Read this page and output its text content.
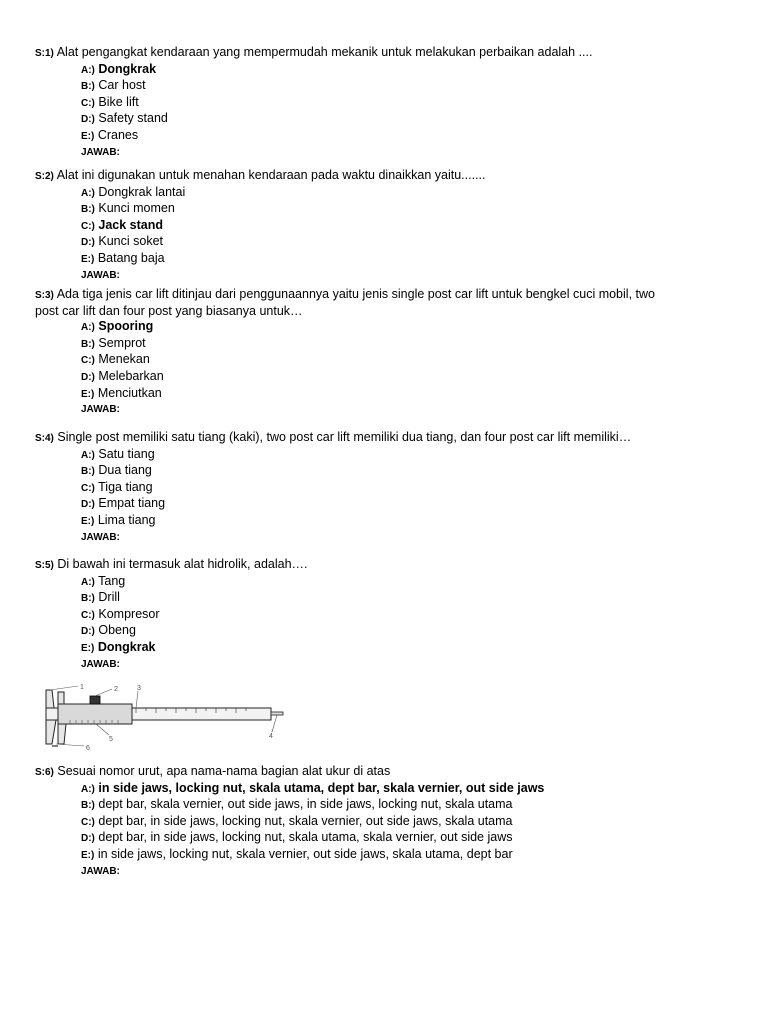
S:1) Alat pengangkat kendaraan yang mempermudah mekanik untuk melakukan perbaikan adalah ....

A:) Dongkrak

B:) Car host

C:) Bike lift

D:) Safety stand

E:) Cranes

JAWAB:

S:2) Alat ini digunakan untuk menahan kendaraan pada waktu dinaikkan yaitu.......

A:) Dongkrak lantai

B:) Kunci momen

C:) Jack stand

D:) Kunci soket

E:) Batang baja

JAWAB:

S:3) Ada tiga jenis car lift ditinjau dari penggunaannya yaitu jenis single post car lift untuk bengkel cuci mobil, two

post car lift dan four post yang biasanya untuk…

A:) Spooring

B:) Semprot

C:) Menekan

D:) Melebarkan

E:) Menciutkan

JAWAB:

S:4) Single post memiliki satu tiang (kaki), two post car lift memiliki dua tiang, dan four post car lift memiliki…

A:) Satu tiang

B:) Dua tiang

C:) Tiga tiang

D:) Empat tiang

E:) Lima tiang

JAWAB:

S:5) Di bawah ini termasuk alat hidrolik, adalah….

A:) Tang

B:) Drill

C:) Kompresor

D:) Obeng

E:) Dongkrak

JAWAB:
1	2	3
4
5
6

S:6) Sesuai nomor urut, apa nama-nama bagian alat ukur di atas

A:) in side jaws, locking nut, skala utama, dept bar, skala vernier, out side jaws

B:) dept bar, skala vernier, out side jaws, in side jaws, locking nut, skala utama

C:) dept bar, in side jaws, locking nut, skala vernier, out side jaws, skala utama

D:) dept bar, in side jaws, locking nut, skala utama, skala vernier, out side jaws

E:) in side jaws, locking nut, skala vernier, out side jaws, skala utama, dept bar

JAWAB:
